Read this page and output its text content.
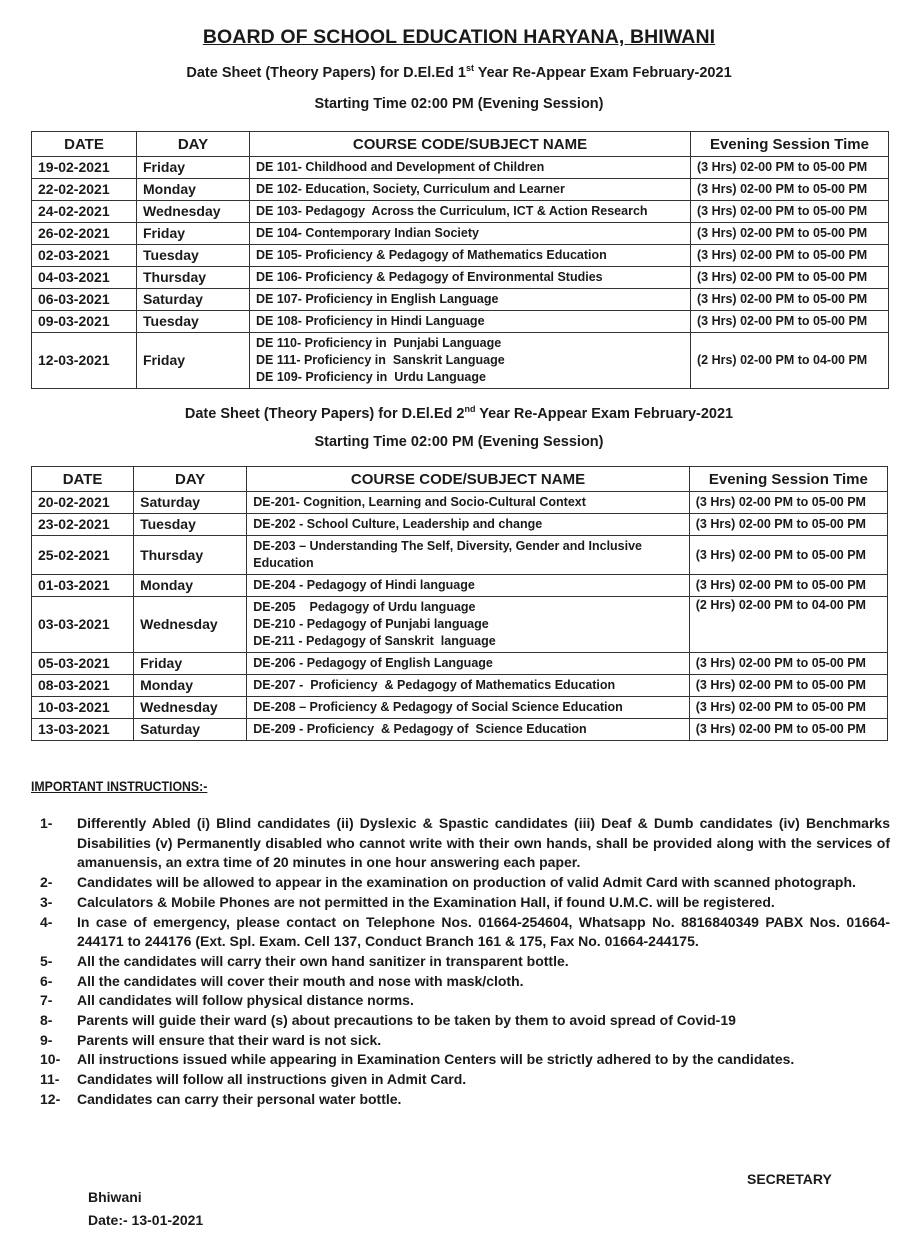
BOARD OF SCHOOL EDUCATION HARYANA, BHIWANI
Date Sheet (Theory Papers) for D.El.Ed 1st Year Re-Appear Exam February-2021
Starting Time 02:00 PM (Evening Session)
DATE	DAY	COURSE CODE/SUBJECT NAME	Evening Session Time
19-02-2021	Friday	DE 101- Childhood and Development of Children	(3 Hrs) 02-00 PM to 05-00 PM
22-02-2021	Monday	DE 102- Education, Society, Curriculum and Learner	(3 Hrs) 02-00 PM to 05-00 PM
24-02-2021	Wednesday	DE 103- Pedagogy  Across the Curriculum, ICT & Action Research	(3 Hrs) 02-00 PM to 05-00 PM
26-02-2021	Friday	DE 104- Contemporary Indian Society	(3 Hrs) 02-00 PM to 05-00 PM
02-03-2021	Tuesday	DE 105- Proficiency & Pedagogy of Mathematics Education	(3 Hrs) 02-00 PM to 05-00 PM
04-03-2021	Thursday	DE 106- Proficiency & Pedagogy of Environmental Studies	(3 Hrs) 02-00 PM to 05-00 PM
06-03-2021	Saturday	DE 107- Proficiency in English Language	(3 Hrs) 02-00 PM to 05-00 PM
09-03-2021	Tuesday	DE 108- Proficiency in Hindi Language	(3 Hrs) 02-00 PM to 05-00 PM
12-03-2021	Friday	DE 110- Proficiency in  Punjabi Language
DE 111- Proficiency in  Sanskrit Language
DE 109- Proficiency in  Urdu Language	(2 Hrs) 02-00 PM to 04-00 PM
Date Sheet (Theory Papers) for D.El.Ed 2nd Year Re-Appear Exam February-2021
Starting Time 02:00 PM (Evening Session)
DATE	DAY	COURSE CODE/SUBJECT NAME	Evening Session Time
20-02-2021	Saturday	DE-201- Cognition, Learning and Socio-Cultural Context	(3 Hrs) 02-00 PM to 05-00 PM
23-02-2021	Tuesday	DE-202 - School Culture, Leadership and change	(3 Hrs) 02-00 PM to 05-00 PM
25-02-2021	Thursday	DE-203 – Understanding The Self, Diversity, Gender and Inclusive
Education	(3 Hrs) 02-00 PM to 05-00 PM
01-03-2021	Monday	DE-204 - Pedagogy of Hindi language	(3 Hrs) 02-00 PM to 05-00 PM
03-03-2021	Wednesday	DE-205    Pedagogy of Urdu language
DE-210 - Pedagogy of Punjabi language
DE-211 - Pedagogy of Sanskrit  language	(2 Hrs) 02-00 PM to 04-00 PM
05-03-2021	Friday	DE-206 - Pedagogy of English Language	(3 Hrs) 02-00 PM to 05-00 PM
08-03-2021	Monday	DE-207 -  Proficiency  & Pedagogy of Mathematics Education	(3 Hrs) 02-00 PM to 05-00 PM
10-03-2021	Wednesday	DE-208 – Proficiency & Pedagogy of Social Science Education	(3 Hrs) 02-00 PM to 05-00 PM
13-03-2021	Saturday	DE-209 - Proficiency  & Pedagogy of  Science Education	(3 Hrs) 02-00 PM to 05-00 PM
IMPORTANT INSTRUCTIONS:-
1- Differently Abled (i) Blind candidates (ii) Dyslexic & Spastic candidates (iii) Deaf & Dumb candidates (iv) Benchmarks Disabilities (v) Permanently disabled who cannot write with their own hands, shall be provided along with the services of amanuensis, an extra time of 20 minutes in one hour answering each paper.
2- Candidates will be allowed to appear in the examination on production of valid Admit Card with scanned photograph.
3- Calculators & Mobile Phones are not permitted in the Examination Hall, if found U.M.C. will be registered.
4- In case of emergency, please contact on Telephone Nos. 01664-254604, Whatsapp No. 8816840349 PABX Nos. 01664-244171 to 244176 (Ext. Spl. Exam. Cell 137, Conduct Branch 161 & 175, Fax No. 01664-244175.
5- All the candidates will carry their own hand sanitizer in transparent bottle.
6- All the candidates will cover their mouth and nose with mask/cloth.
7- All candidates will follow physical distance norms.
8- Parents will guide their ward (s) about precautions to be taken by them to avoid spread of Covid-19
9- Parents will ensure that their ward is not sick.
10- All instructions issued while appearing in Examination Centers will be strictly adhered to by the candidates.
11- Candidates will follow all instructions given in Admit Card.
12- Candidates can carry their personal water bottle.
SECRETARY
Bhiwani
Date:- 13-01-2021
